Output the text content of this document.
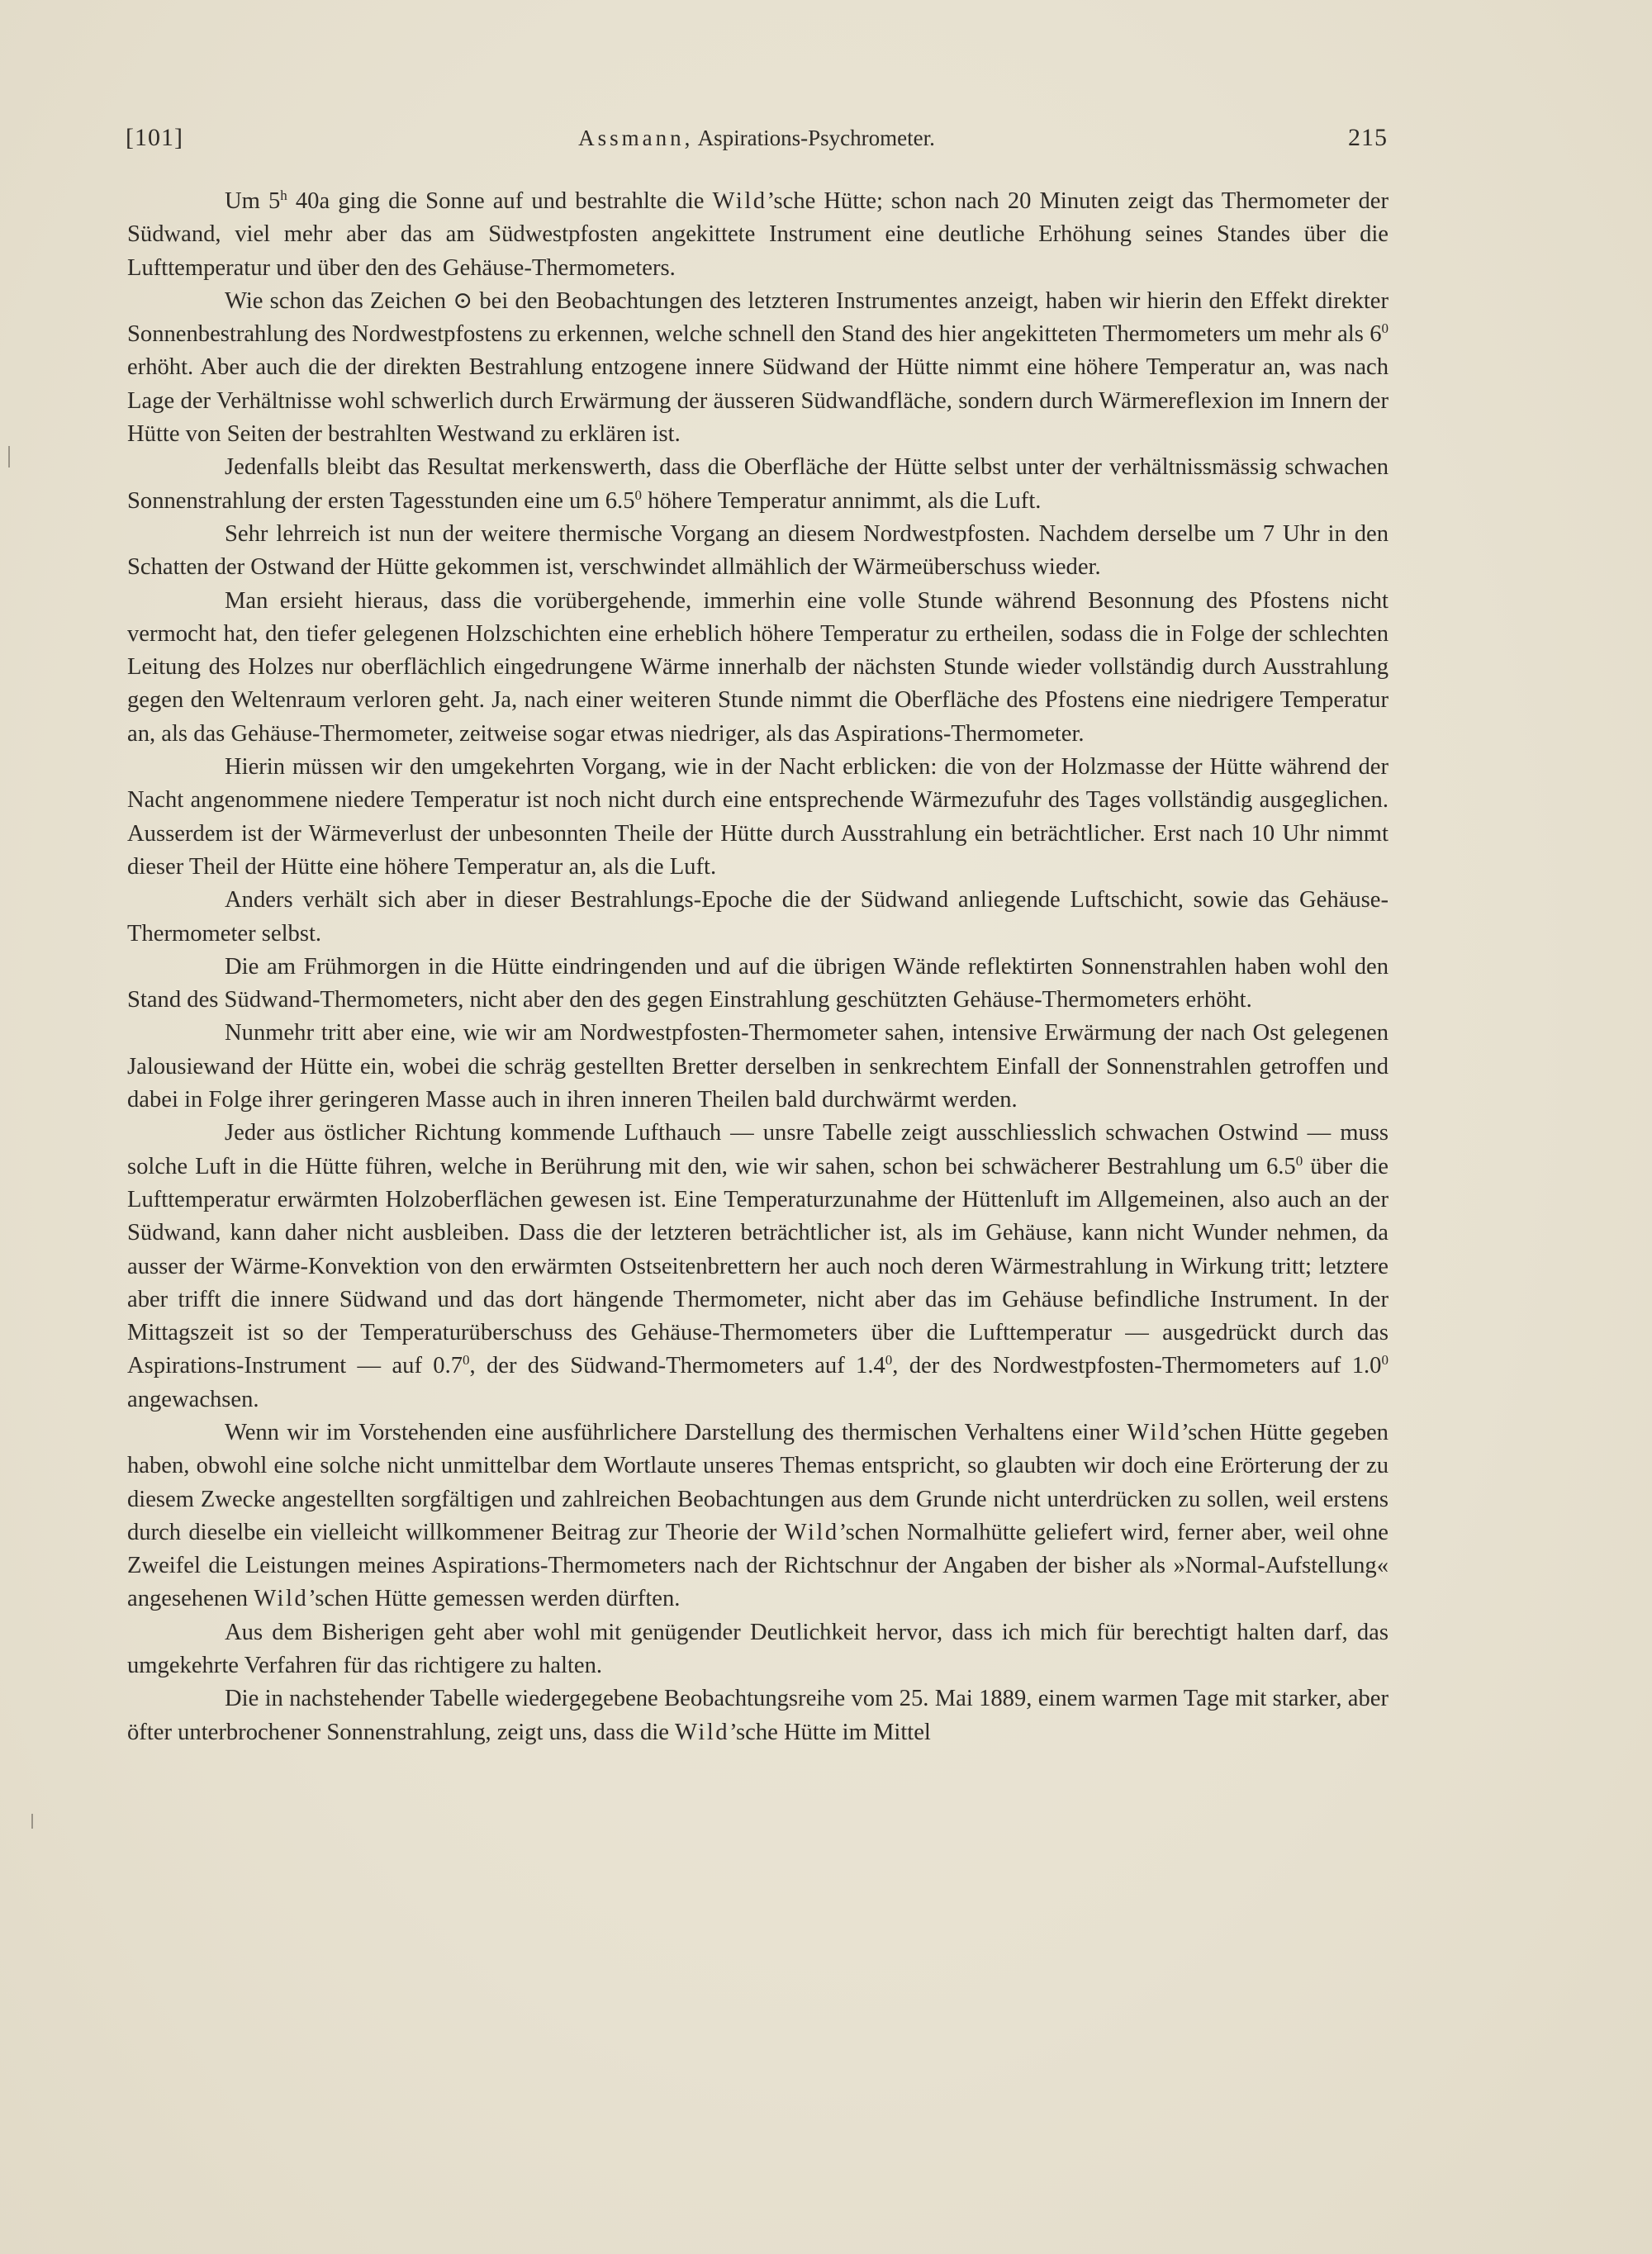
[101]	Assmann, Aspirations-Psychrometer.	215

Um 5$^h$ 40a ging die Sonne auf und bestrahlte die Wild’sche Hütte; schon nach 20 Minuten zeigt das Thermometer der Südwand, viel mehr aber das am Südwestpfosten angekittete Instrument eine deutliche Erhöhung seines Standes über die Lufttemperatur und über den des Gehäuse-Thermometers.

Wie schon das Zeichen ⊙ bei den Beobachtungen des letzteren Instrumentes anzeigt, haben wir hierin den Effekt direkter Sonnenbestrahlung des Nordwestpfostens zu erkennen, welche schnell den Stand des hier angekitteten Thermometers um mehr als $6^0$ erhöht. Aber auch die der direkten Bestrahlung entzogene innere Südwand der Hütte nimmt eine höhere Temperatur an, was nach Lage der Verhältnisse wohl schwerlich durch Erwärmung der äusseren Südwandfläche, sondern durch Wärmereflexion im Innern der Hütte von Seiten der bestrahlten Westwand zu erklären ist.

Jedenfalls bleibt das Resultat merkenswerth, dass die Oberfläche der Hütte selbst unter der verhältnissmässig schwachen Sonnenstrahlung der ersten Tagesstunden eine um $6.5^0$ höhere Temperatur annimmt, als die Luft.

Sehr lehrreich ist nun der weitere thermische Vorgang an diesem Nordwestpfosten. Nachdem derselbe um 7 Uhr in den Schatten der Ostwand der Hütte gekommen ist, verschwindet allmählich der Wärmeüberschuss wieder.

Man ersieht hieraus, dass die vorübergehende, immerhin eine volle Stunde während Besonnung des Pfostens nicht vermocht hat, den tiefer gelegenen Holzschichten eine erheblich höhere Temperatur zu ertheilen, sodass die in Folge der schlechten Leitung des Holzes nur oberflächlich eingedrungene Wärme innerhalb der nächsten Stunde wieder vollständig durch Ausstrahlung gegen den Weltenraum verloren geht. Ja, nach einer weiteren Stunde nimmt die Oberfläche des Pfostens eine niedrigere Temperatur an, als das Gehäuse-Thermometer, zeitweise sogar etwas niedriger, als das Aspirations-Thermometer.

Hierin müssen wir den umgekehrten Vorgang, wie in der Nacht erblicken: die von der Holzmasse der Hütte während der Nacht angenommene niedere Temperatur ist noch nicht durch eine entsprechende Wärmezufuhr des Tages vollständig ausgeglichen. Ausserdem ist der Wärmeverlust der unbesonnten Theile der Hütte durch Ausstrahlung ein beträchtlicher. Erst nach 10 Uhr nimmt dieser Theil der Hütte eine höhere Temperatur an, als die Luft.

Anders verhält sich aber in dieser Bestrahlungs-Epoche die der Südwand anliegende Luftschicht, sowie das Gehäuse-Thermometer selbst.

Die am Frühmorgen in die Hütte eindringenden und auf die übrigen Wände reflektirten Sonnenstrahlen haben wohl den Stand des Südwand-Thermometers, nicht aber den des gegen Einstrahlung geschützten Gehäuse-Thermometers erhöht.

Nunmehr tritt aber eine, wie wir am Nordwestpfosten-Thermometer sahen, intensive Erwärmung der nach Ost gelegenen Jalousiewand der Hütte ein, wobei die schräg gestellten Bretter derselben in senkrechtem Einfall der Sonnenstrahlen getroffen und dabei in Folge ihrer geringeren Masse auch in ihren inneren Theilen bald durchwärmt werden.

Jeder aus östlicher Richtung kommende Lufthauch — unsre Tabelle zeigt ausschliesslich schwachen Ostwind — muss solche Luft in die Hütte führen, welche in Berührung mit den, wie wir sahen, schon bei schwächerer Bestrahlung um $6.5^0$ über die Lufttemperatur erwärmten Holzoberflächen gewesen ist. Eine Temperaturzunahme der Hüttenluft im Allgemeinen, also auch an der Südwand, kann daher nicht ausbleiben. Dass die der letzteren beträchtlicher ist, als im Gehäuse, kann nicht Wunder nehmen, da ausser der Wärme-Konvektion von den erwärmten Ostseitenbrettern her auch noch deren Wärmestrahlung in Wirkung tritt; letztere aber trifft die innere Südwand und das dort hängende Thermometer, nicht aber das im Gehäuse befindliche Instrument. In der Mittagszeit ist so der Temperaturüberschuss des Gehäuse-Thermometers über die Lufttemperatur — ausgedrückt durch das Aspirations-Instrument — auf $0.7^0$, der des Südwand-Thermometers auf $1.4^0$, der des Nordwestpfosten-Thermometers auf $1.0^0$ angewachsen.

Wenn wir im Vorstehenden eine ausführlichere Darstellung des thermischen Verhaltens einer Wild’schen Hütte gegeben haben, obwohl eine solche nicht unmittelbar dem Wortlaute unseres Themas entspricht, so glaubten wir doch eine Erörterung der zu diesem Zwecke angestellten sorgfältigen und zahlreichen Beobachtungen aus dem Grunde nicht unterdrücken zu sollen, weil erstens durch dieselbe ein vielleicht willkommener Beitrag zur Theorie der Wild’schen Normalhütte geliefert wird, ferner aber, weil ohne Zweifel die Leistungen meines Aspirations-Thermometers nach der Richtschnur der Angaben der bisher als »Normal-Aufstellung« angesehenen Wild’schen Hütte gemessen werden dürften.

Aus dem Bisherigen geht aber wohl mit genügender Deutlichkeit hervor, dass ich mich für berechtigt halten darf, das umgekehrte Verfahren für das richtigere zu halten.

Die in nachstehender Tabelle wiedergegebene Beobachtungsreihe vom 25. Mai 1889, einem warmen Tage mit starker, aber öfter unterbrochener Sonnenstrahlung, zeigt uns, dass die Wild’sche Hütte im Mittel
